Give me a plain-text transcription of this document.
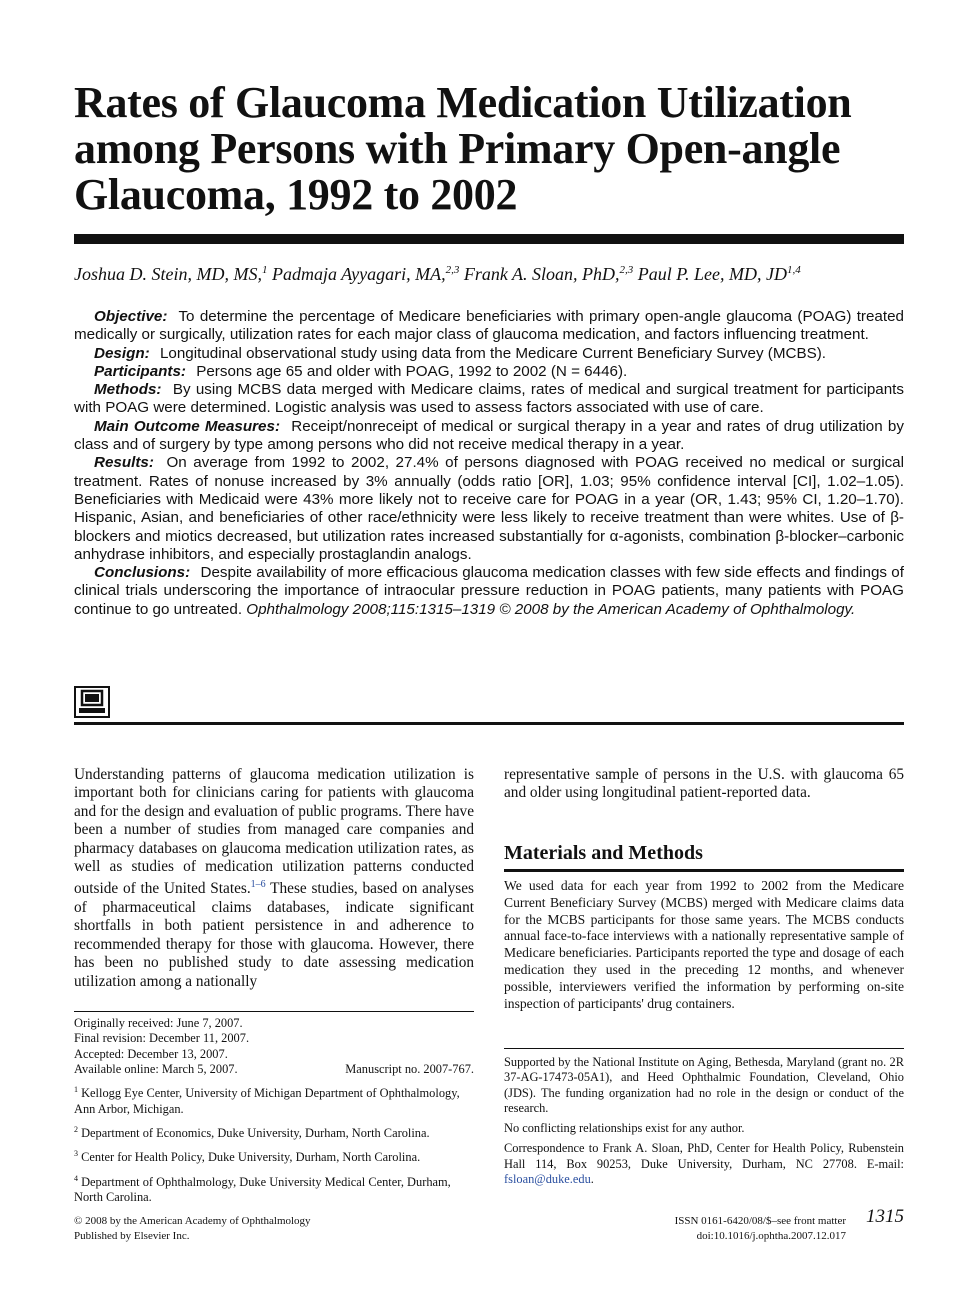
Rates of Glaucoma Medication Utilization among Persons with Primary Open-angle Glaucoma, 1992 to 2002

Joshua D. Stein, MD, MS,$^1$ Padmaja Ayyagari, MA,$^{2,3}$ Frank A. Sloan, PhD,$^{2,3}$ Paul P. Lee, MD, JD$^{1,4}$

Objective: To determine the percentage of Medicare beneficiaries with primary open-angle glaucoma (POAG) treated medically or surgically, utilization rates for each major class of glaucoma medication, and factors influencing treatment.

Design: Longitudinal observational study using data from the Medicare Current Beneficiary Survey (MCBS).

Participants: Persons age 65 and older with POAG, 1992 to 2002 (N = 6446).

Methods: By using MCBS data merged with Medicare claims, rates of medical and surgical treatment for participants with POAG were determined. Logistic analysis was used to assess factors associated with use of care.

Main Outcome Measures: Receipt/nonreceipt of medical or surgical therapy in a year and rates of drug utilization by class and of surgery by type among persons who did not receive medical therapy in a year.

Results: On average from 1992 to 2002, 27.4% of persons diagnosed with POAG received no medical or surgical treatment. Rates of nonuse increased by 3% annually (odds ratio [OR], 1.03; 95% confidence interval [CI], 1.02–1.05). Beneficiaries with Medicaid were 43% more likely not to receive care for POAG in a year (OR, 1.43; 95% CI, 1.20–1.70). Hispanic, Asian, and beneficiaries of other race/ethnicity were less likely to receive treatment than were whites. Use of β-blockers and miotics decreased, but utilization rates increased substantially for α-agonists, combination β-blocker–carbonic anhydrase inhibitors, and especially prostaglandin analogs.

Conclusions: Despite availability of more efficacious glaucoma medication classes with few side effects and findings of clinical trials underscoring the importance of intraocular pressure reduction in POAG patients, many patients with POAG continue to go untreated. Ophthalmology 2008;115:1315–1319 © 2008 by the American Academy of Ophthalmology.

Understanding patterns of glaucoma medication utilization is important both for clinicians caring for patients with glaucoma and for the design and evaluation of public programs. There have been a number of studies from managed care companies and pharmacy databases on glaucoma medication utilization rates, as well as studies of medication utilization patterns conducted outside of the United States.$^{1-6}$ These studies, based on analyses of pharmaceutical claims databases, indicate significant shortfalls in both patient persistence in and adherence to recommended therapy for those with glaucoma. However, there has been no published study to date assessing medication utilization among a nationally

representative sample of persons in the U.S. with glaucoma 65 and older using longitudinal patient-reported data.

Materials and Methods

We used data for each year from 1992 to 2002 from the Medicare Current Beneficiary Survey (MCBS) merged with Medicare claims data for the MCBS participants for those same years. The MCBS conducts annual face-to-face interviews with a nationally representative sample of Medicare beneficiaries. Participants reported the type and dosage of each medication they used in the preceding 12 months, and whenever possible, interviewers verified the information by performing on-site inspection of participants' drug containers.

Originally received: June 7, 2007.
Final revision: December 11, 2007.
Accepted: December 13, 2007.
Available online: March 5, 2007.	Manuscript no. 2007-767.
$^1$ Kellogg Eye Center, University of Michigan Department of Ophthalmology, Ann Arbor, Michigan.
$^2$ Department of Economics, Duke University, Durham, North Carolina.
$^3$ Center for Health Policy, Duke University, Durham, North Carolina.
$^4$ Department of Ophthalmology, Duke University Medical Center, Durham, North Carolina.

Supported by the National Institute on Aging, Bethesda, Maryland (grant no. 2R 37-AG-17473-05A1), and Heed Ophthalmic Foundation, Cleveland, Ohio (JDS). The funding organization had no role in the design or conduct of the research.

No conflicting relationships exist for any author.

Correspondence to Frank A. Sloan, PhD, Center for Health Policy, Rubenstein Hall 114, Box 90253, Duke University, Durham, NC 27708. E-mail: fsloan@duke.edu.

© 2008 by the American Academy of Ophthalmology
Published by Elsevier Inc.
ISSN 0161-6420/08/$–see front matter
doi:10.1016/j.ophtha.2007.12.017
1315
